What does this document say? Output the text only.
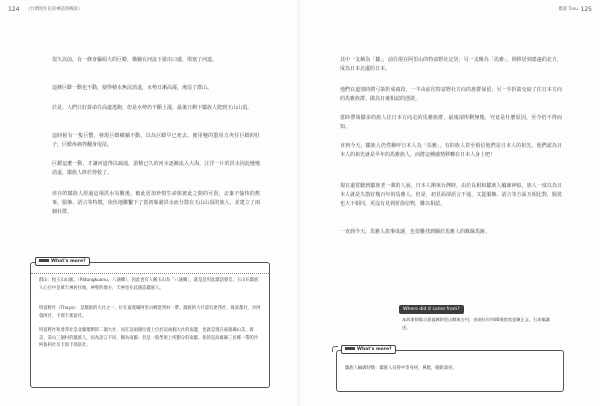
124 《台灣原住民的神話與傳說》

很久以前，有一條身軀碩大的巨蟒，橫躺在河流下游出口處，堵塞了河道。

這條巨蟒一動也不動，使得積水無法消退，水勢日漸高漲，淹沒了群山。

於是，人們只好拼命往高處逃跑，但是水勢仍不斷上漲，最後只剩下鄒族人爬到玉山山頂。

這時候有一隻巨蟹，發現巨蟒橫躺不動，以為巨蟒早已死去，便用牠的螯用力夾住巨蟒的肚子，巨蟒疼痛得翻身甩尾。

巨蟒這麼一動，才讓河道得以疏通，淤積已久的河水逐漸流入大海，汪洋一片的洪水因此慢慢消退，鄒族人終於得救了。

倖存的鄒族人經過這場洪水災難後，被此更加珍惜生命與彼此之間的可貴，丟棄不愉快的舊事，服飾、語言等特徵，依伏地聯繫下了當初躲避洪水而分散在玉山山頂的族人，並建立了兩個社群。

What's more?

群山：指玉山山脈。（Patungkuonu，八通關），因此也有人稱玉山為「八通關」，就是沿用此鄒語發音。玉山在鄒族人心目中是眾天神居住地，神聖的地方，天神也在此創造鄒族人。

特富野社（Thaya）：是鄒族的大社之一，位在嘉義縣阿里山鄉達邦村一帶。鄒族的大社還有達邦社、魯富都社、沙阿魯阿社、卡那卡那富社。

特富野社和達邦社是北鄒僅剩的二個大社，而在這兩個位置上位於這兩個大社的南邊，也就是現在嘉義縣山美、新美、茶山三個村的鄒族人，因為語言不同，稱為南鄒；但是一般學術上所劃分的南鄒，指的是高雄縣三民鄉一帶的沙阿魯阿社及卡那卡那富社。

125
鄒族 Tsou

其中一支稱為「鄒」，前往現在阿里山的特富野社定居；另一支稱為「馬雅」，則移居到遙遠的北方，成為日本北邊的日本。

他們在道別時將弓箭折成兩段，一半由前往特富野社方向的族群保留，另一半折箭交給了往日本方向的馬雅族群，做為日後相認的憑證。

當時帶領鄒多的族人往日本方向走的馬雅族群，最後卻所剩無幾，究竟是什麼原因，至今仍不得而知。

直到今天，鄒族人仍然稱呼日本人為「馬雅」，有的族人甚至相信他們是日本人的祖先，他們認為日本人的祖先就是早年的馬雅族人，而將這種感情移轉在日本人身上吧！

現在還常聽到鄒族老一輩的人說，日本人剛來台灣時，由於長相和鄒族人輪廓神似，族人一度以為日本人就是失散好幾百年的馬雅人。但是，初見面卻語言不通，又從服飾、語言等方面互相比對，服裝也大不相同，更沒有見到折箭信物，難以相認。

一直到今天，馬雅人故事成謎，也很難找到關於馬雅人的蛛絲馬跡。

Where did it come from?

本故事採集自嘉義縣阿里山鄉來吉村，由兩位年約80歲的耆老陳正文、石英雄講述。

What's more?

鄒族人輪廓特徵：鄒族人長得中等身材，鼻挺，眼眶窩亮。
